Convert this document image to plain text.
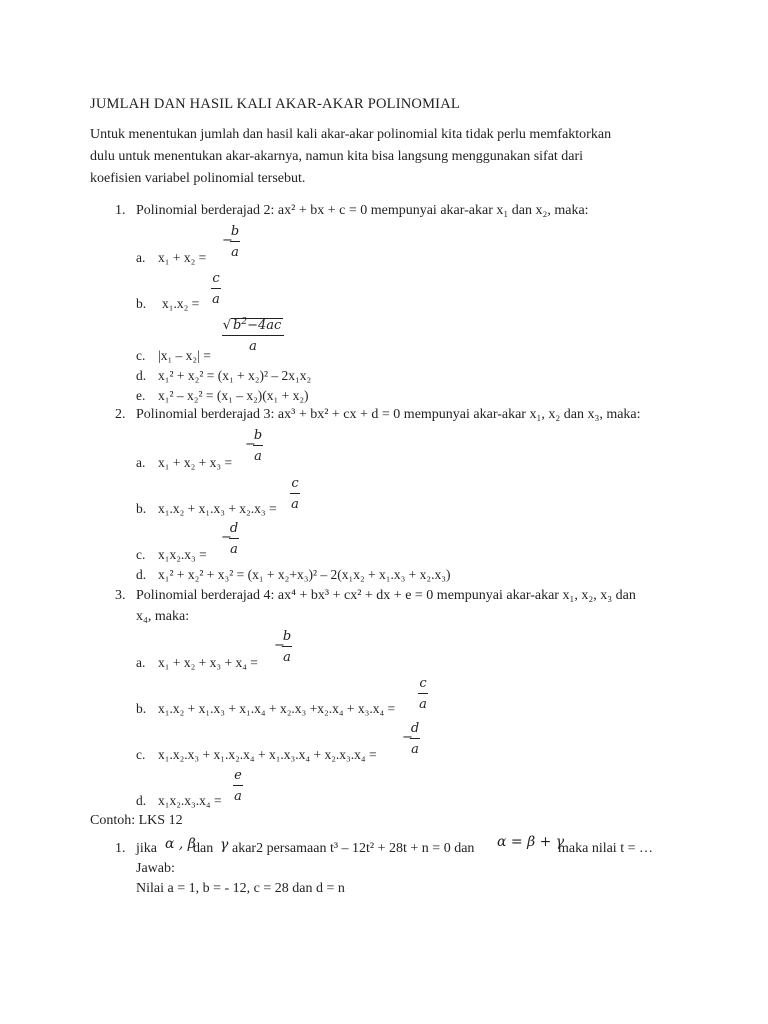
JUMLAH DAN HASIL KALI AKAR-AKAR POLINOMIAL
Untuk menentukan jumlah dan hasil kali akar-akar polinomial kita tidak perlu memfaktorkan
dulu untuk menentukan akar-akarnya, namun kita bisa langsung menggunakan sifat dari
koefisien variabel polinomial tersebut.
1. Polinomial berderajad 2: ax² + bx + c = 0 mempunyai akar-akar x₁ dan x₂, maka:
a. x₁ + x₂ =
−
b
a
b. x₁.x₂ =
c
a
c. |x₁ – x₂| =
√ $b^2-4ac$
a
d. x₁² + x₂² = (x₁ + x₂)² – 2x₁x₂
e. x₁² – x₂² = (x₁ – x₂)(x₁ + x₂)
2. Polinomial berderajad 3: ax³ + bx² + cx + d = 0 mempunyai akar-akar x₁, x₂ dan x₃, maka:
a. x₁ + x₂ + x₃ =
−
b
a
b. x₁.x₂ + x₁.x₃ + x₂.x₃ =
c
a
c. x₁x₂.x₃ =
−
d
a
d. x₁² + x₂² + x₃² = (x₁ + x₂+x₃)² – 2(x₁x₂ + x₁.x₃ + x₂.x₃)
3. Polinomial berderajad 4: ax⁴ + bx³ + cx² + dx + e = 0 mempunyai akar-akar x₁, x₂, x₃ dan
x₄, maka:
a. x₁ + x₂ + x₃ + x₄ =
−
b
a
b. x₁.x₂ + x₁.x₃ + x₁.x₄ + x₂.x₃ +x₂.x₄ + x₃.x₄ =
c
a
c. x₁.x₂.x₃ + x₁.x₂.x₄ + x₁.x₃.x₄ + x₂.x₃.x₄ =
−
d
a
d. x₁x₂.x₃.x₄ =
e
a
Contoh: LKS 12
1. jika α , β
dan γ akar2 persamaan t³ – 12t² + 28t + n = 0 dan α = β + γ
maka nilai t = …
Jawab:
Nilai a = 1, b = - 12, c = 28 dan d = n
